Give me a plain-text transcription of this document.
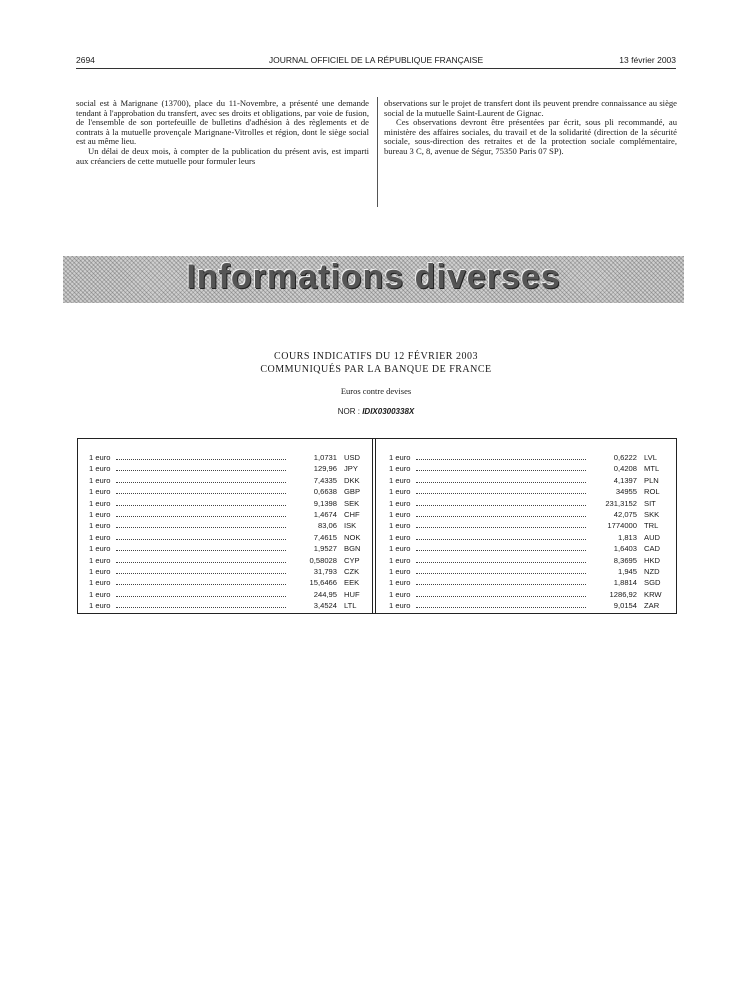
2694	JOURNAL OFFICIEL DE LA RÉPUBLIQUE FRANÇAISE	13 février 2003

social est à Marignane (13700), place du 11-Novembre, a présenté une demande tendant à l'approbation du transfert, avec ses droits et obligations, par voie de fusion, de l'ensemble de son portefeuille de bulletins d'adhésion à des règlements et de contrats à la mutuelle provençale Marignane-Vitrolles et région, dont le siège social est au même lieu.

Un délai de deux mois, à compter de la publication du présent avis, est imparti aux créanciers de cette mutuelle pour formuler leurs

observations sur le projet de transfert dont ils peuvent prendre connaissance au siège social de la mutuelle Saint-Laurent de Gignac.

Ces observations devront être présentées par écrit, sous pli recommandé, au ministère des affaires sociales, du travail et de la solidarité (direction de la sécurité sociale, sous-direction des retraites et de la protection sociale complémentaire, bureau 3 C, 8, avenue de Ségur, 75350 Paris 07 SP).

Informations diverses
COURS INDICATIFS DU 12 FÉVRIER 2003
COMMUNIQUÉS PAR LA BANQUE DE FRANCE
Euros contre devises
NOR : IDIX0300338X
1 euro	1,0731 USD
1 euro	129,96 JPY
1 euro	7,4335 DKK
1 euro	0,6638 GBP
1 euro	9,1398 SEK
1 euro	1,4674 CHF
1 euro	83,06 ISK
1 euro	7,4615 NOK
1 euro	1,9527 BGN
1 euro	0,58028 CYP
1 euro	31,793 CZK
1 euro	15,6466 EEK
1 euro	244,95 HUF
1 euro	3,4524 LTL
1 euro	0,6222 LVL
1 euro	0,4208 MTL
1 euro	4,1397 PLN
1 euro	34955 ROL
1 euro	231,3152 SIT
1 euro	42,075 SKK
1 euro	1774000 TRL
1 euro	1,813 AUD
1 euro	1,6403 CAD
1 euro	8,3695 HKD
1 euro	1,945 NZD
1 euro	1,8814 SGD
1 euro	1286,92 KRW
1 euro	9,0154 ZAR
